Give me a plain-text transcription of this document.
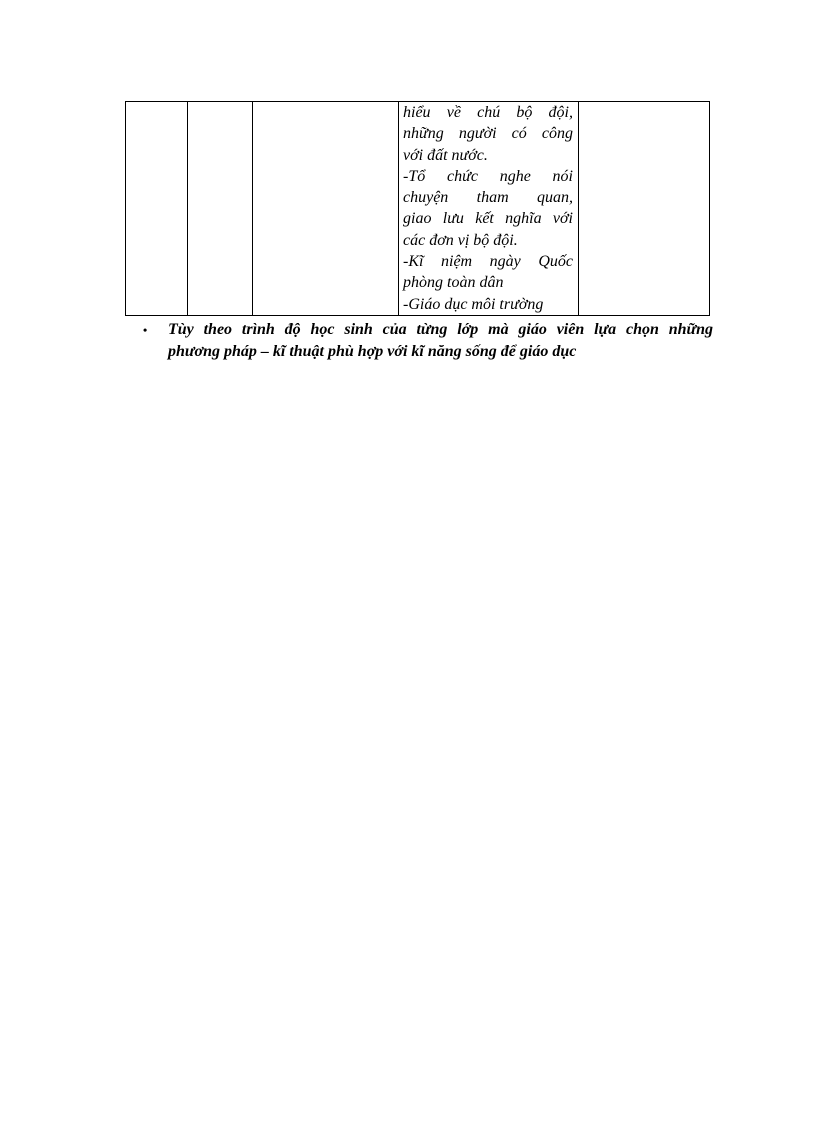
hiểu về chú bộ đội,
những người có công
với đất nước.
-Tổ chức nghe nói
chuyện tham quan,
giao lưu kết nghĩa với
các đơn vị bộ đội.
-Kĩ niệm ngày Quốc
phòng toàn dân
-Giáo dục môi trường

• Tùy theo trình độ học sinh của từng lớp mà giáo viên lựa chọn những
phương pháp – kĩ thuật phù hợp với kĩ năng sống để giáo dục
